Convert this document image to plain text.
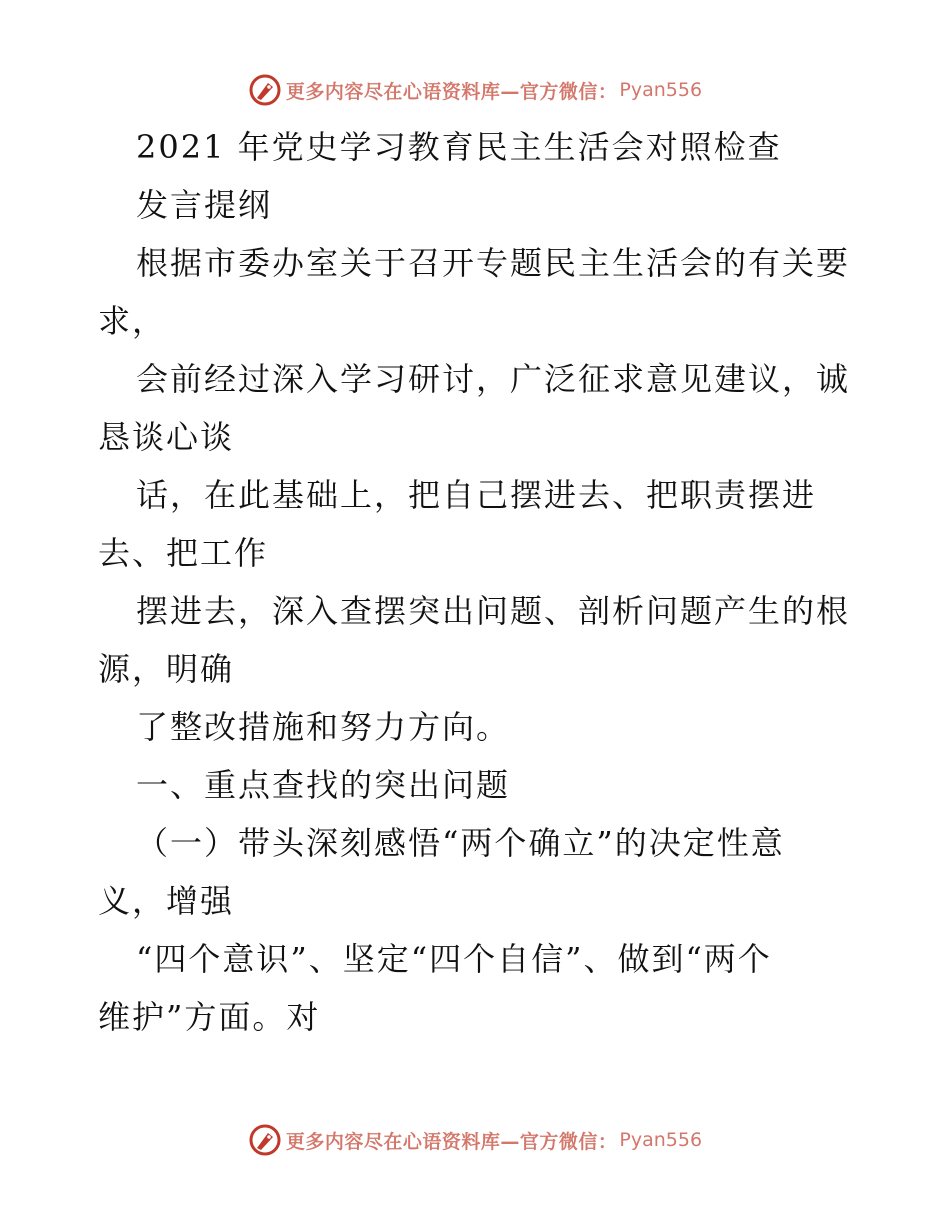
更多内容尽在心语资料库—官方微信： Pyan556
2021 年党史学习教育民主生活会对照检查
发言提纲
根据市委办室关于召开专题民主生活会的有关要
求，
会前经过深入学习研讨，广泛征求意见建议，诚
恳谈心谈
话，在此基础上，把自己摆进去、把职责摆进
去、把工作
摆进去，深入查摆突出问题、剖析问题产生的根
源，明确
了整改措施和努力方向。
一、重点查找的突出问题
（一）带头深刻感悟“两个确立”的决定性意
义，增强
“四个意识”、坚定“四个自信”、做到“两个
维护”方面。对
更多内容尽在心语资料库—官方微信： Pyan556
